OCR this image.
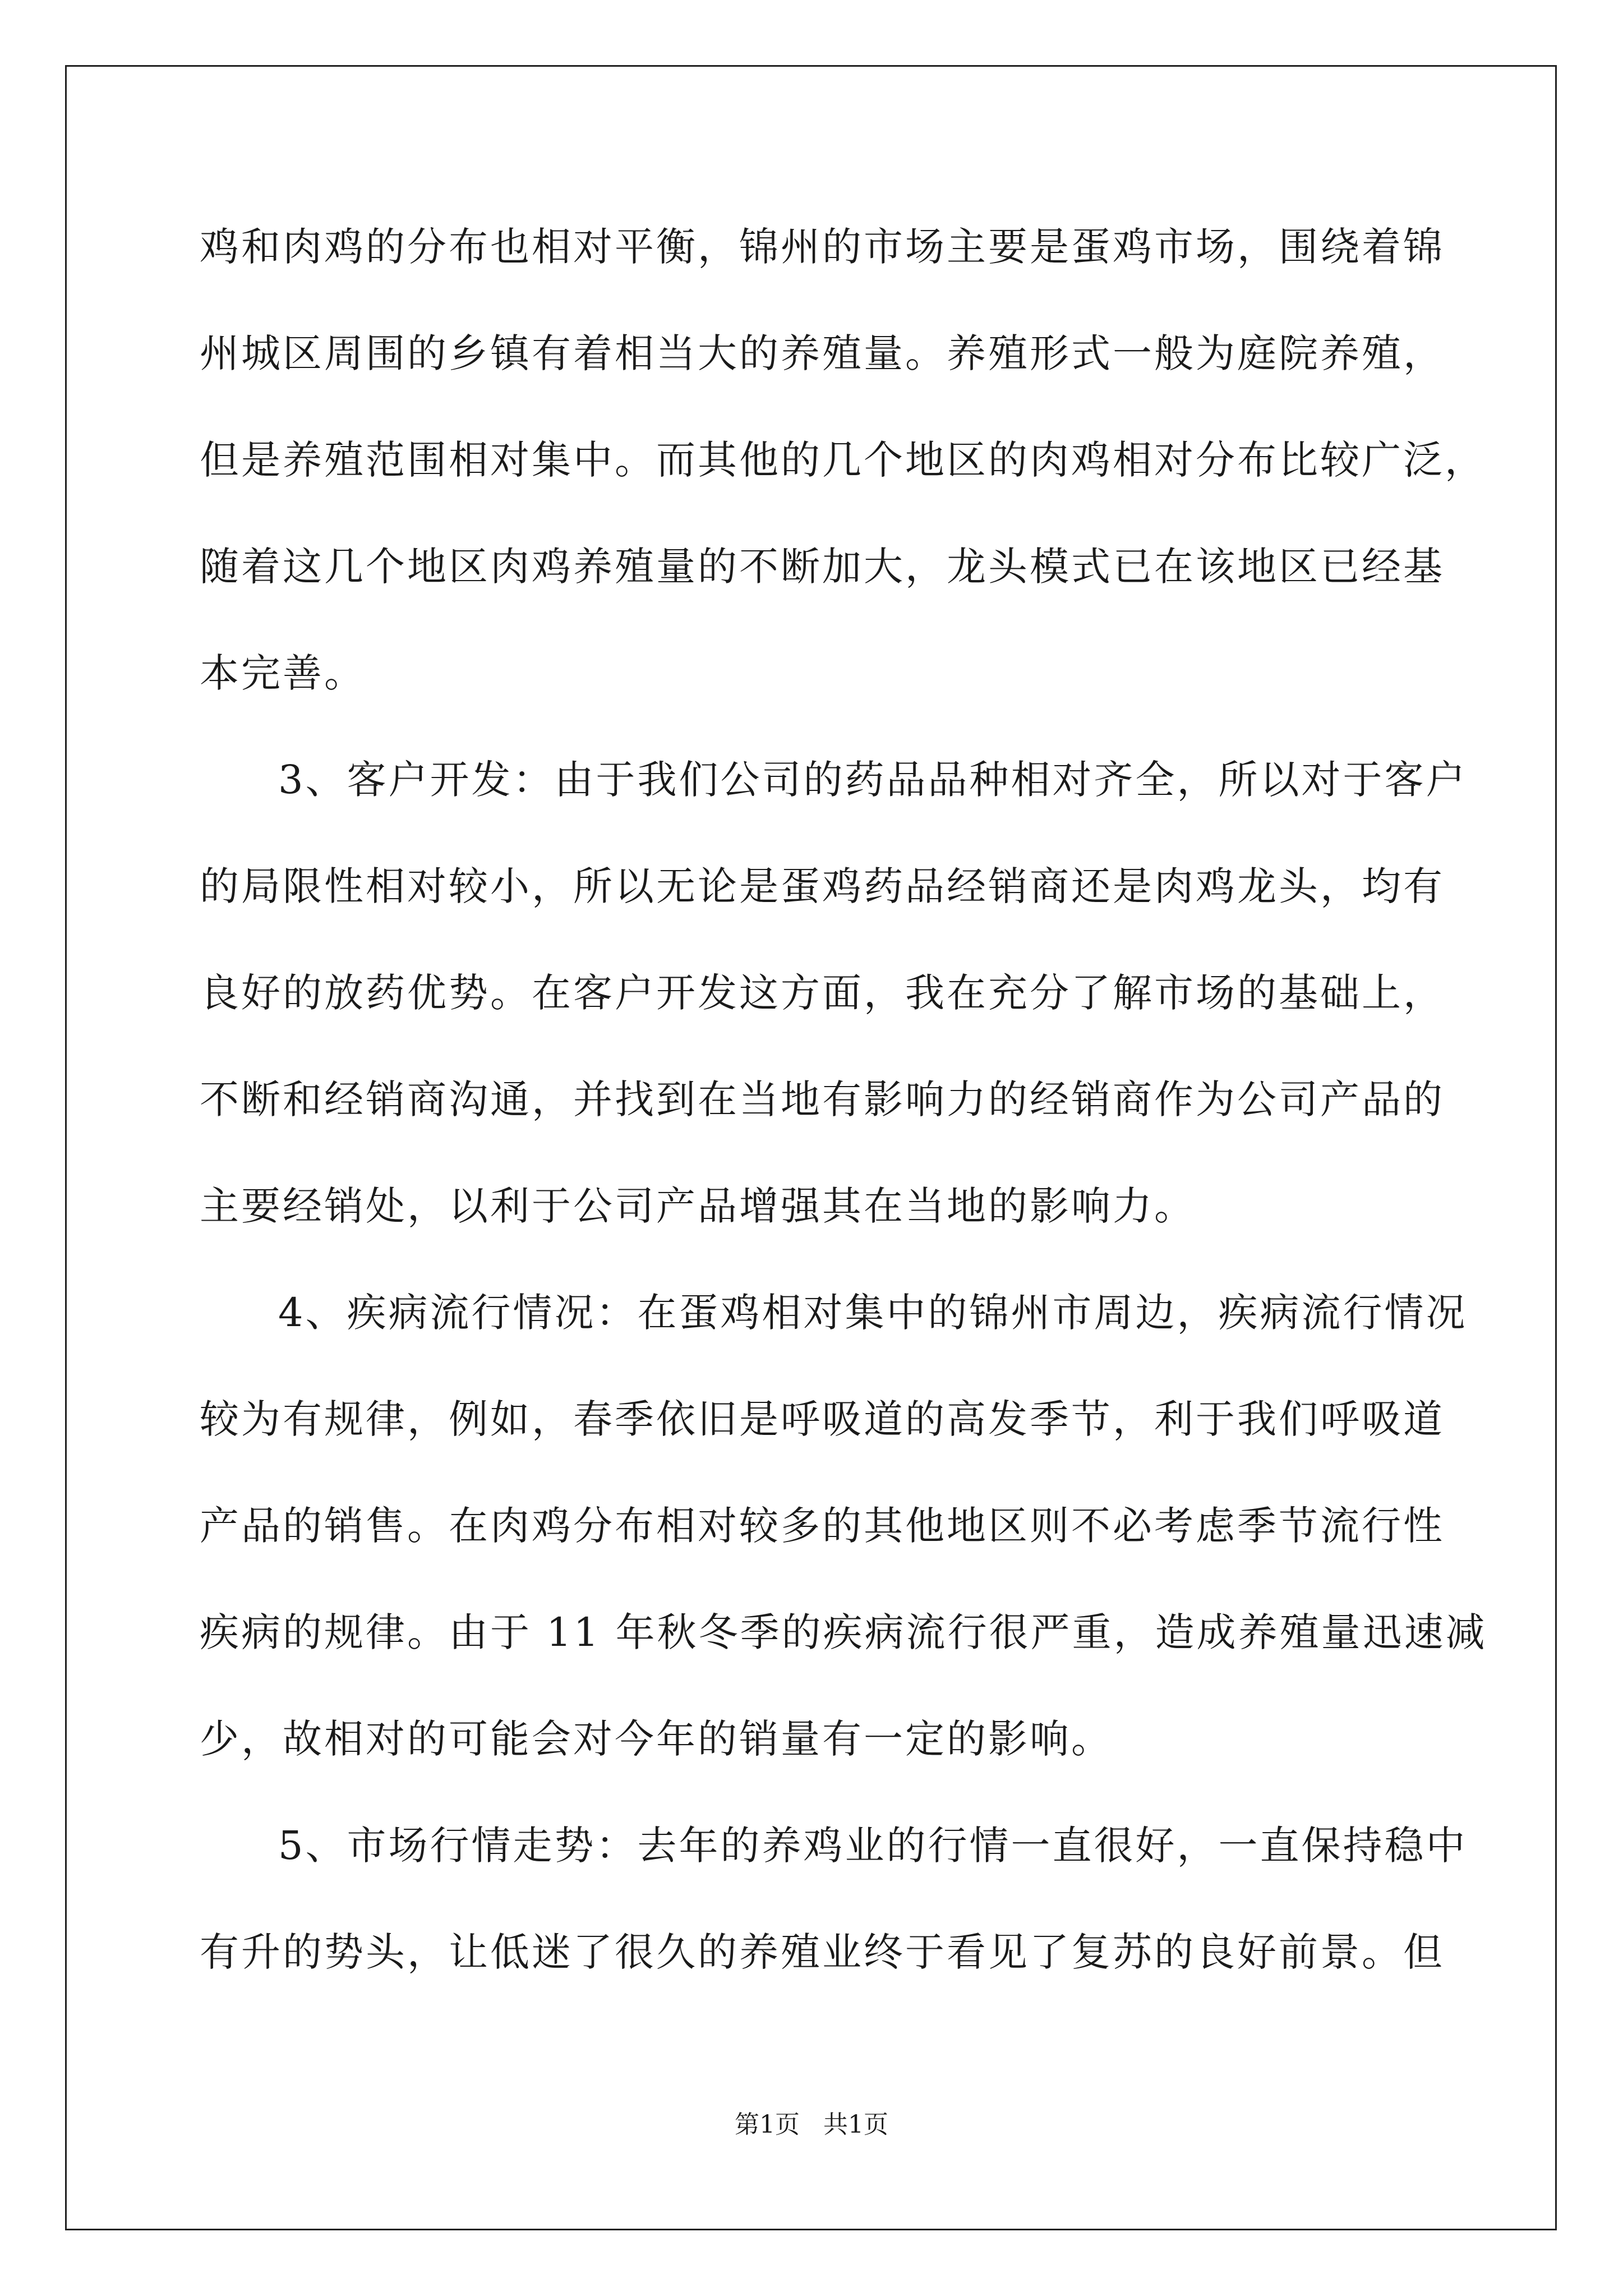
鸡和肉鸡的分布也相对平衡，锦州的市场主要是蛋鸡市场，围绕着锦

州城区周围的乡镇有着相当大的养殖量。养殖形式一般为庭院养殖，

但是养殖范围相对集中。而其他的几个地区的肉鸡相对分布比较广泛，

随着这几个地区肉鸡养殖量的不断加大，龙头模式已在该地区已经基

本完善。

3、客户开发：由于我们公司的药品品种相对齐全，所以对于客户

的局限性相对较小，所以无论是蛋鸡药品经销商还是肉鸡龙头，均有

良好的放药优势。在客户开发这方面，我在充分了解市场的基础上，

不断和经销商沟通，并找到在当地有影响力的经销商作为公司产品的

主要经销处，以利于公司产品增强其在当地的影响力。

4、疾病流行情况：在蛋鸡相对集中的锦州市周边，疾病流行情况

较为有规律，例如，春季依旧是呼吸道的高发季节，利于我们呼吸道

产品的销售。在肉鸡分布相对较多的其他地区则不必考虑季节流行性

疾病的规律。由于 11 年秋冬季的疾病流行很严重，造成养殖量迅速减

少，故相对的可能会对今年的销量有一定的影响。

5、市场行情走势：去年的养鸡业的行情一直很好，一直保持稳中

有升的势头，让低迷了很久的养殖业终于看见了复苏的良好前景。但

第1页   共1页
